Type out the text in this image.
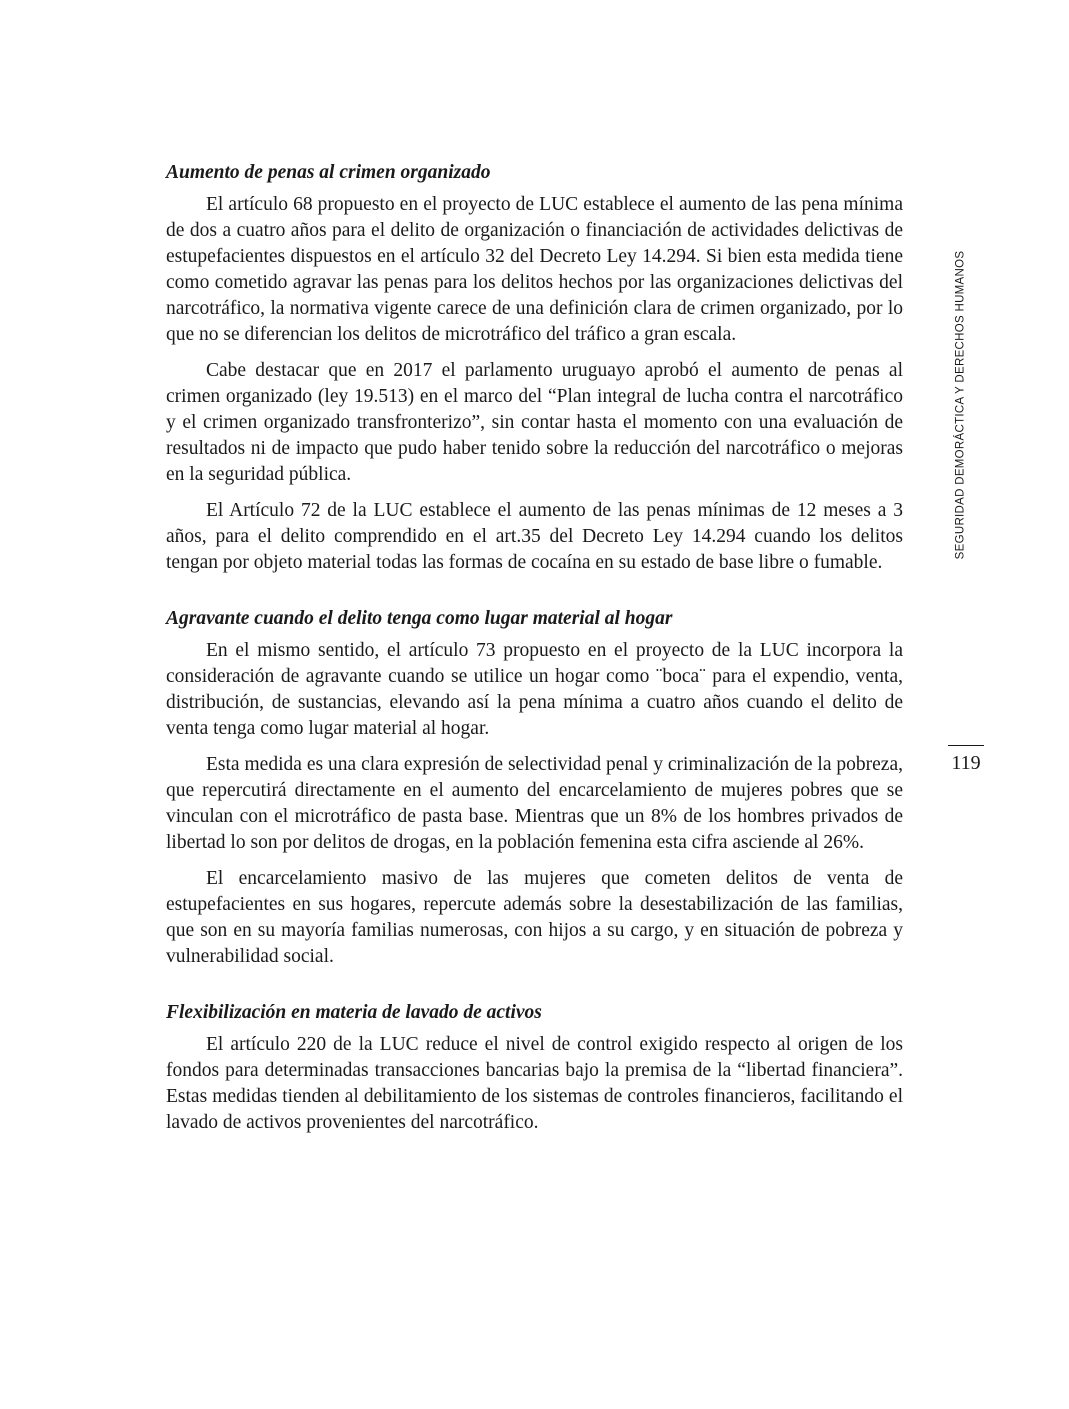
Aumento de penas al crimen organizado

El artículo 68 propuesto en el proyecto de LUC establece el aumento de las pena mínima de dos a cuatro años para el delito de organización o financiación de actividades delictivas de estupefacientes dispuestos en el artículo 32 del Decreto Ley 14.294. Si bien esta medida tiene como cometido agravar las penas para los delitos hechos por las organizaciones delictivas del narcotráfico, la normativa vigente carece de una definición clara de crimen organizado, por lo que no se diferencian los delitos de microtráfico del tráfico a gran escala.

Cabe destacar que en 2017 el parlamento uruguayo aprobó el aumento de penas al crimen organizado (ley 19.513) en el marco del “Plan integral de lucha contra el narcotráfico y el crimen organizado transfronterizo”, sin contar hasta el momento con una evaluación de resultados ni de impacto que pudo haber tenido sobre la reducción del narcotráfico o mejoras en la seguridad pública.

El Artículo 72 de la LUC establece el aumento de las penas mínimas de 12 meses a 3 años, para el delito comprendido en el art.35 del Decreto Ley 14.294 cuando los delitos tengan por objeto material todas las formas de cocaína en su estado de base libre o fumable.

Agravante cuando el delito tenga como lugar material al hogar

En el mismo sentido, el artículo 73 propuesto en el proyecto de la LUC incorpora la consideración de agravante cuando se utilice un hogar como ¨boca¨ para el expendio, venta, distribución, de sustancias, elevando así la pena mínima a cuatro años cuando el delito de venta tenga como lugar material al hogar.

Esta medida es una clara expresión de selectividad penal y criminalización de la pobreza, que repercutirá directamente en el aumento del encarcelamiento de mujeres pobres que se vinculan con el microtráfico de pasta base. Mientras que un 8% de los hombres privados de libertad lo son por delitos de drogas, en la población femenina esta cifra asciende al 26%.

El encarcelamiento masivo de las mujeres que cometen delitos de venta de estupefacientes en sus hogares, repercute además sobre la desestabilización de las familias, que son en su mayoría familias numerosas, con hijos a su cargo, y en situación de pobreza y vulnerabilidad social.

Flexibilización en materia de lavado de activos

El artículo 220 de la LUC reduce el nivel de control exigido respecto al origen de los fondos para determinadas transacciones bancarias bajo la premisa de la “libertad financiera”. Estas medidas tienden al debilitamiento de los sistemas de controles financieros, facilitando el lavado de activos provenientes del narcotráfico.

SEGURIDAD DEMORÁCTICA Y DERECHOS HUMANOS
119
